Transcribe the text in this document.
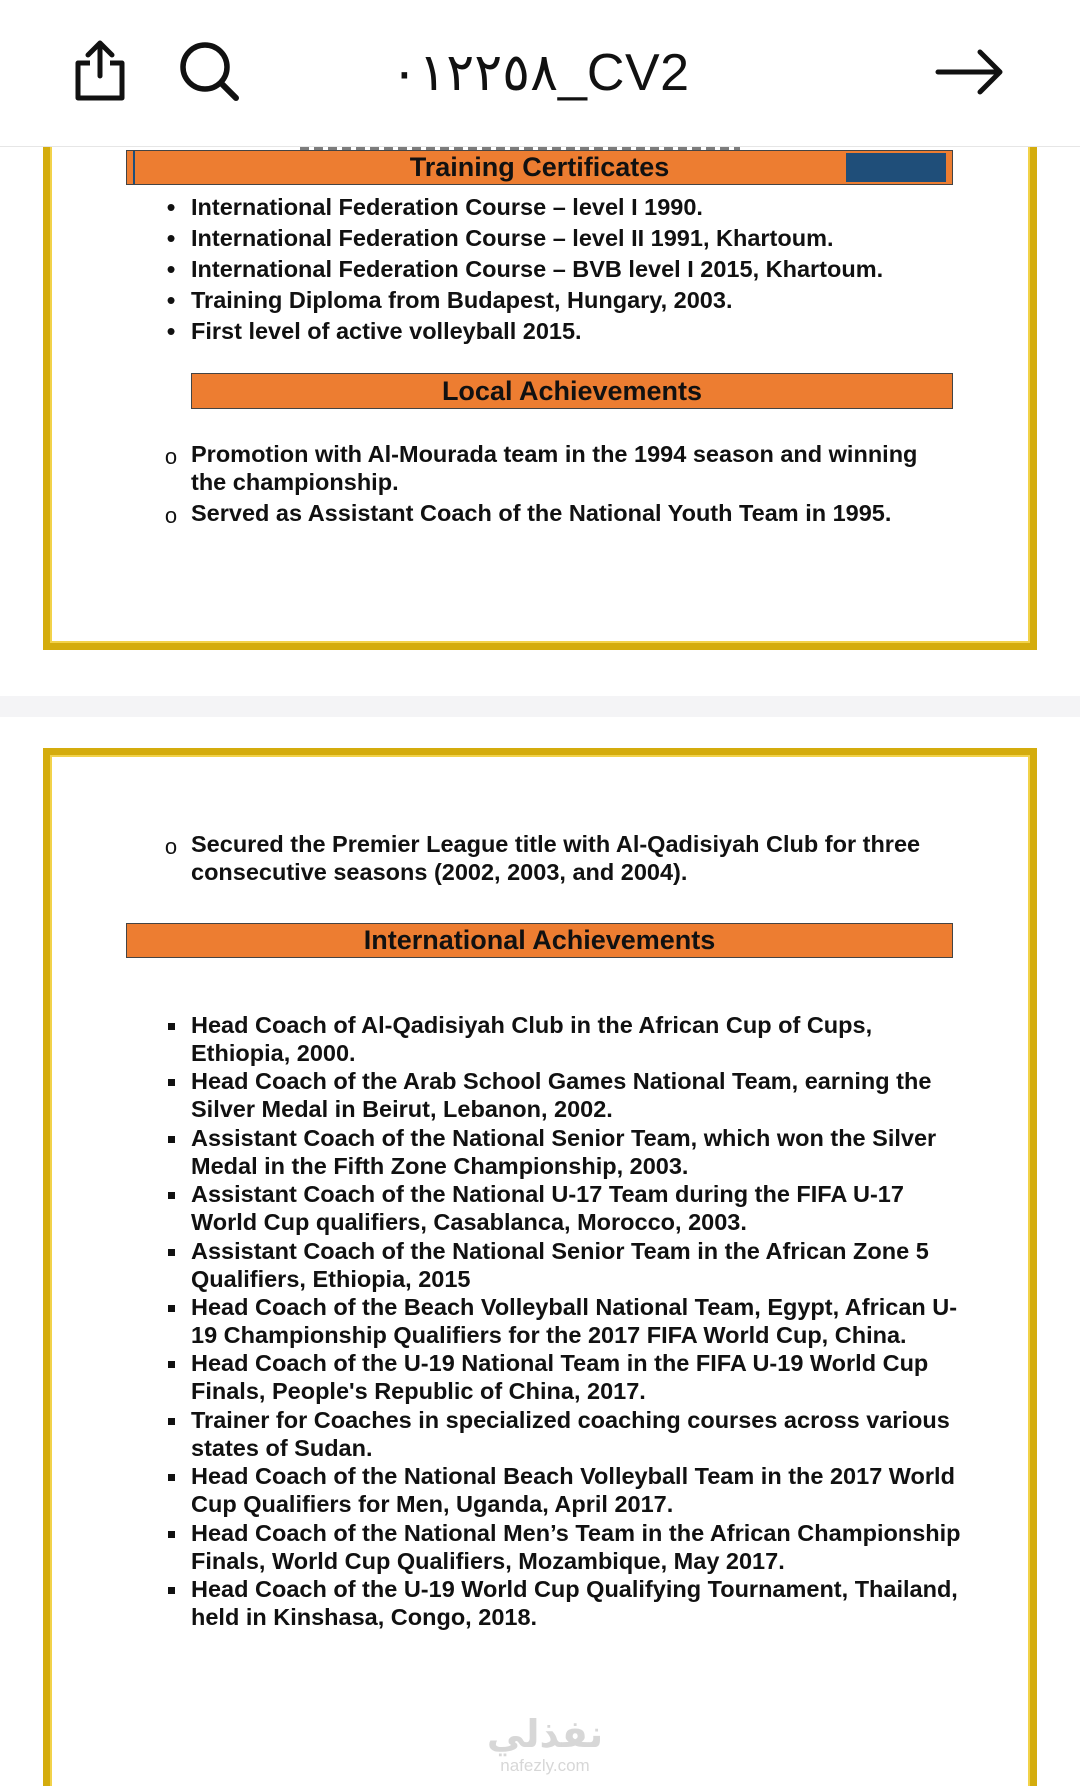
٠١٢٢٥٨_CV2
Training Certificates
•
International Federation Course – level I 1990.
•
International Federation Course – level II 1991, Khartoum.
•
International Federation Course – BVB level I 2015, Khartoum.
•
Training Diploma from Budapest, Hungary, 2003.
•
First level of active volleyball 2015.
Local Achievements
o
Promotion with Al-Mourada team in the 1994 season and winning the championship.
o
Served as Assistant Coach of the National Youth Team in 1995.
o
Secured the Premier League title with Al-Qadisiyah Club for three consecutive seasons (2002, 2003, and 2004).
International Achievements
Head Coach of Al-Qadisiyah Club in the African Cup of Cups, Ethiopia, 2000.
Head Coach of the Arab School Games National Team, earning the Silver Medal in Beirut, Lebanon, 2002.
Assistant Coach of the National Senior Team, which won the Silver Medal in the Fifth Zone Championship, 2003.
Assistant Coach of the National U-17 Team during the FIFA U-17 World Cup qualifiers, Casablanca, Morocco, 2003.
Assistant Coach of the National Senior Team in the African Zone 5 Qualifiers, Ethiopia, 2015
Head Coach of the Beach Volleyball National Team, Egypt, African U-19 Championship Qualifiers for the 2017 FIFA World Cup, China.
Head Coach of the U-19 National Team in the FIFA U-19 World Cup Finals, People's Republic of China, 2017.
Trainer for Coaches in specialized coaching courses across various states of Sudan.
Head Coach of the National Beach Volleyball Team in the 2017 World Cup Qualifiers for Men, Uganda, April 2017.
Head Coach of the National Men’s Team in the African Championship Finals, World Cup Qualifiers, Mozambique, May 2017.
Head Coach of the U-19 World Cup Qualifying Tournament, Thailand, held in Kinshasa, Congo, 2018.
نفذلي
nafezly.com
